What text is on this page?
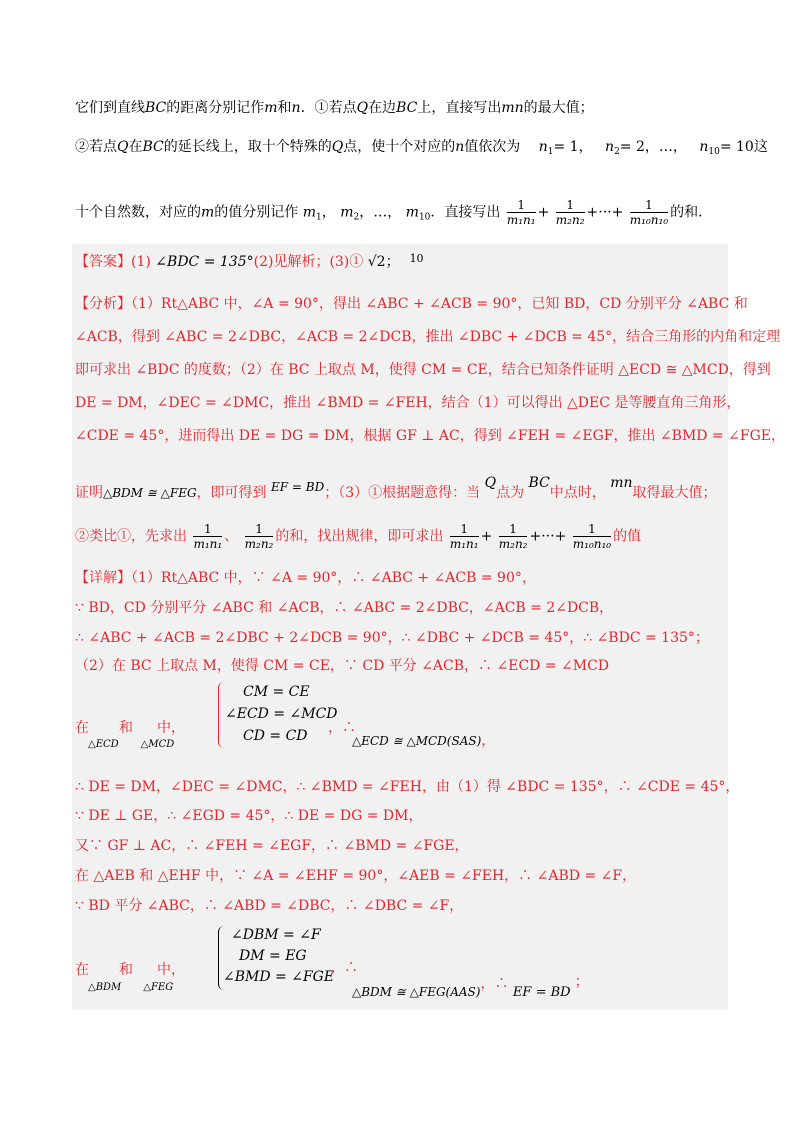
它们到直线BC的距离分别记作m和n．①若点Q在边BC上，直接写出mn的最大值；
②若点Q在BC的延长线上，取十个特殊的Q点，使十个对应的n值依次为 $n_1= 1$， $n_2= 2$，…， $n_{10}= 10$这
十个自然数，对应的m的值分别记作 $m_1$， $m_2$，…， $m_{10}$．直接写出 $\frac{1}{\text{m₁n₁}} + \frac{1}{\text{m₂n₂}}$ +···+ $\frac{1}{\text{m₁₀n₁₀}}$ 的和．
【答案】(1) ∠BDC = 135°(2)见解析；(3)① √2； $^{10}$
【分析】（1）Rt△ABC 中，∠A = 90°，得出 ∠ABC + ∠ACB = 90°，已知 BD，CD 分别平分 ∠ABC 和
∠ACB，得到 ∠ABC = 2∠DBC，∠ACB = 2∠DCB，推出 ∠DBC + ∠DCB = 45°，结合三角形的内角和定理
即可求出 ∠BDC 的度数；（2）在 BC 上取点 M，使得 CM = CE，结合已知条件证明 △ECD ≅ △MCD，得到
DE = DM，∠DEC = ∠DMC，推出 ∠BMD = ∠FEH，结合（1）可以得出 △DEC 是等腰直角三角形，
∠CDE = 45°，进而得出 DE = DG = DM，根据 GF ⊥ AC，得到 ∠FEH = ∠EGF，推出 ∠BMD = ∠FGE，
证明△BDM ≅ △FEG，即可得到 EF = BD；（3）①根据题意得：当 Q点为 BC中点时， mn取得最大值；
②类比①，先求出 $\frac{1}{\text{m₁n₁}}$ 、 $\frac{1}{\text{m₂n₂}}$ 的和，找出规律，即可求出 $\frac{1}{\text{m₁n₁}} + \frac{1}{\text{m₂n₂}}$ +···+ $\frac{1}{\text{m₁₀n₁₀}}$ 的值
【详解】（1）Rt△ABC 中，∵ ∠A = 90°，∴ ∠ABC + ∠ACB = 90°，
∵ BD，CD 分别平分 ∠ABC 和 ∠ACB，∴ ∠ABC = 2∠DBC，∠ACB = 2∠DCB，
∴ ∠ABC + ∠ACB = 2∠DBC + 2∠DCB = 90°，∴ ∠DBC + ∠DCB = 45°，∴ ∠BDC = 135°；
（2）在 BC 上取点 M，使得 CM = CE，∵ CD 平分 ∠ACB，∴ ∠ECD = ∠MCD
在 和 中，
△ECD △MCD
CM = CE
∠ECD = ∠MCD
CD = CD ，∴
△ECD ≅ △MCD(SAS)，
∴ DE = DM，∠DEC = ∠DMC，∴ ∠BMD = ∠FEH，由（1）得 ∠BDC = 135°，∴ ∠CDE = 45°，
∵ DE ⊥ GE，∴ ∠EGD = 45°，∴ DE = DG = DM，
又∵ GF ⊥ AC，∴ ∠FEH = ∠EGF，∴ ∠BMD = ∠FGE，
在 △AEB 和 △EHF 中，∵ ∠A = ∠EHF = 90°，∠AEB = ∠FEH，∴ ∠ABD = ∠F，
∵ BD 平分 ∠ABC，∴ ∠ABD = ∠DBC，∴ ∠DBC = ∠F，
在 和 中，
△BDM △FEG
∠DBM = ∠F
DM = EG
∠BMD = ∠FGE
，∴
△BDM ≅ △FEG(AAS)，∴ EF = BD；
